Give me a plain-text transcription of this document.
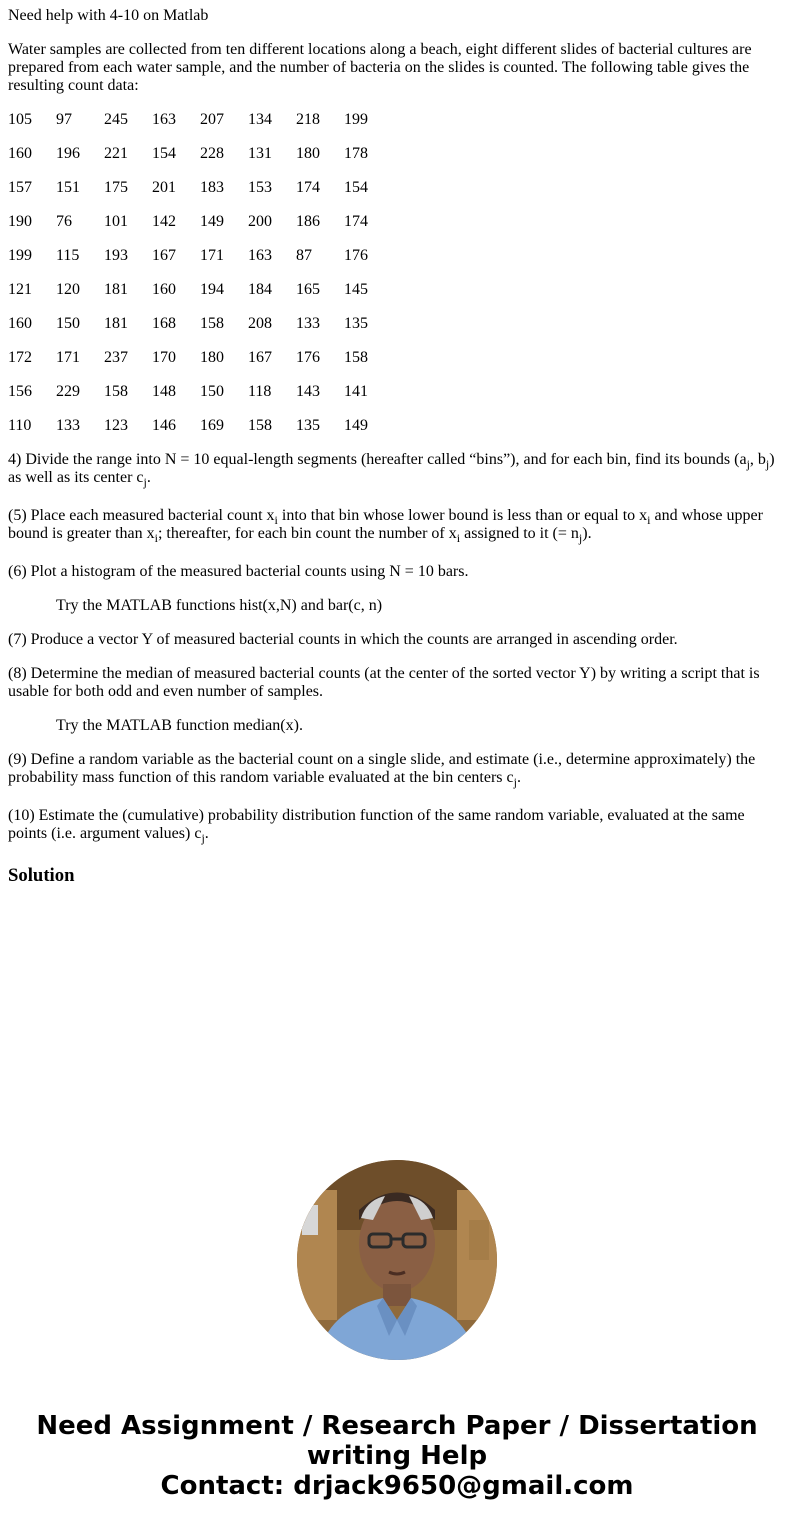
Need help with 4-10 on Matlab

Water samples are collected from ten different locations along a beach, eight different slides of bacterial cultures are prepared from each water sample, and the number of bacteria on the slides is counted. The following table gives the resulting count data:

105	97	245	163	207	134	218	199
160	196	221	154	228	131	180	178
157	151	175	201	183	153	174	154
190	76	101	142	149	200	186	174
199	115	193	167	171	163	87	176
121	120	181	160	194	184	165	145
160	150	181	168	158	208	133	135
172	171	237	170	180	167	176	158
156	229	158	148	150	118	143	141
110	133	123	146	169	158	135	149

4) Divide the range into N = 10 equal-length segments (hereafter called “bins”), and for each bin, find its bounds ($a_j$, $b_j$) as well as its center $c_j$.

(5) Place each measured bacterial count $x_i$ into that bin whose lower bound is less than or equal to $x_i$ and whose upper bound is greater than $x_i$; thereafter, for each bin count the number of $x_i$ assigned to it (= $n_j$).

(6) Plot a histogram of the measured bacterial counts using N = 10 bars.

Try the MATLAB functions hist(x,N) and bar(c, n)

(7) Produce a vector Y of measured bacterial counts in which the counts are arranged in ascending order.

(8) Determine the median of measured bacterial counts (at the center of the sorted vector Y) by writing a script that is usable for both odd and even number of samples.

Try the MATLAB function median(x).

(9) Define a random variable as the bacterial count on a single slide, and estimate (i.e., determine approximately) the probability mass function of this random variable evaluated at the bin centers $c_j$.

(10) Estimate the (cumulative) probability distribution function of the same random variable, evaluated at the same points (i.e. argument values) $c_j$.

Solution
Need Assignment / Research Paper / Dissertation
writing Help
Contact: drjack9650@gmail.com
